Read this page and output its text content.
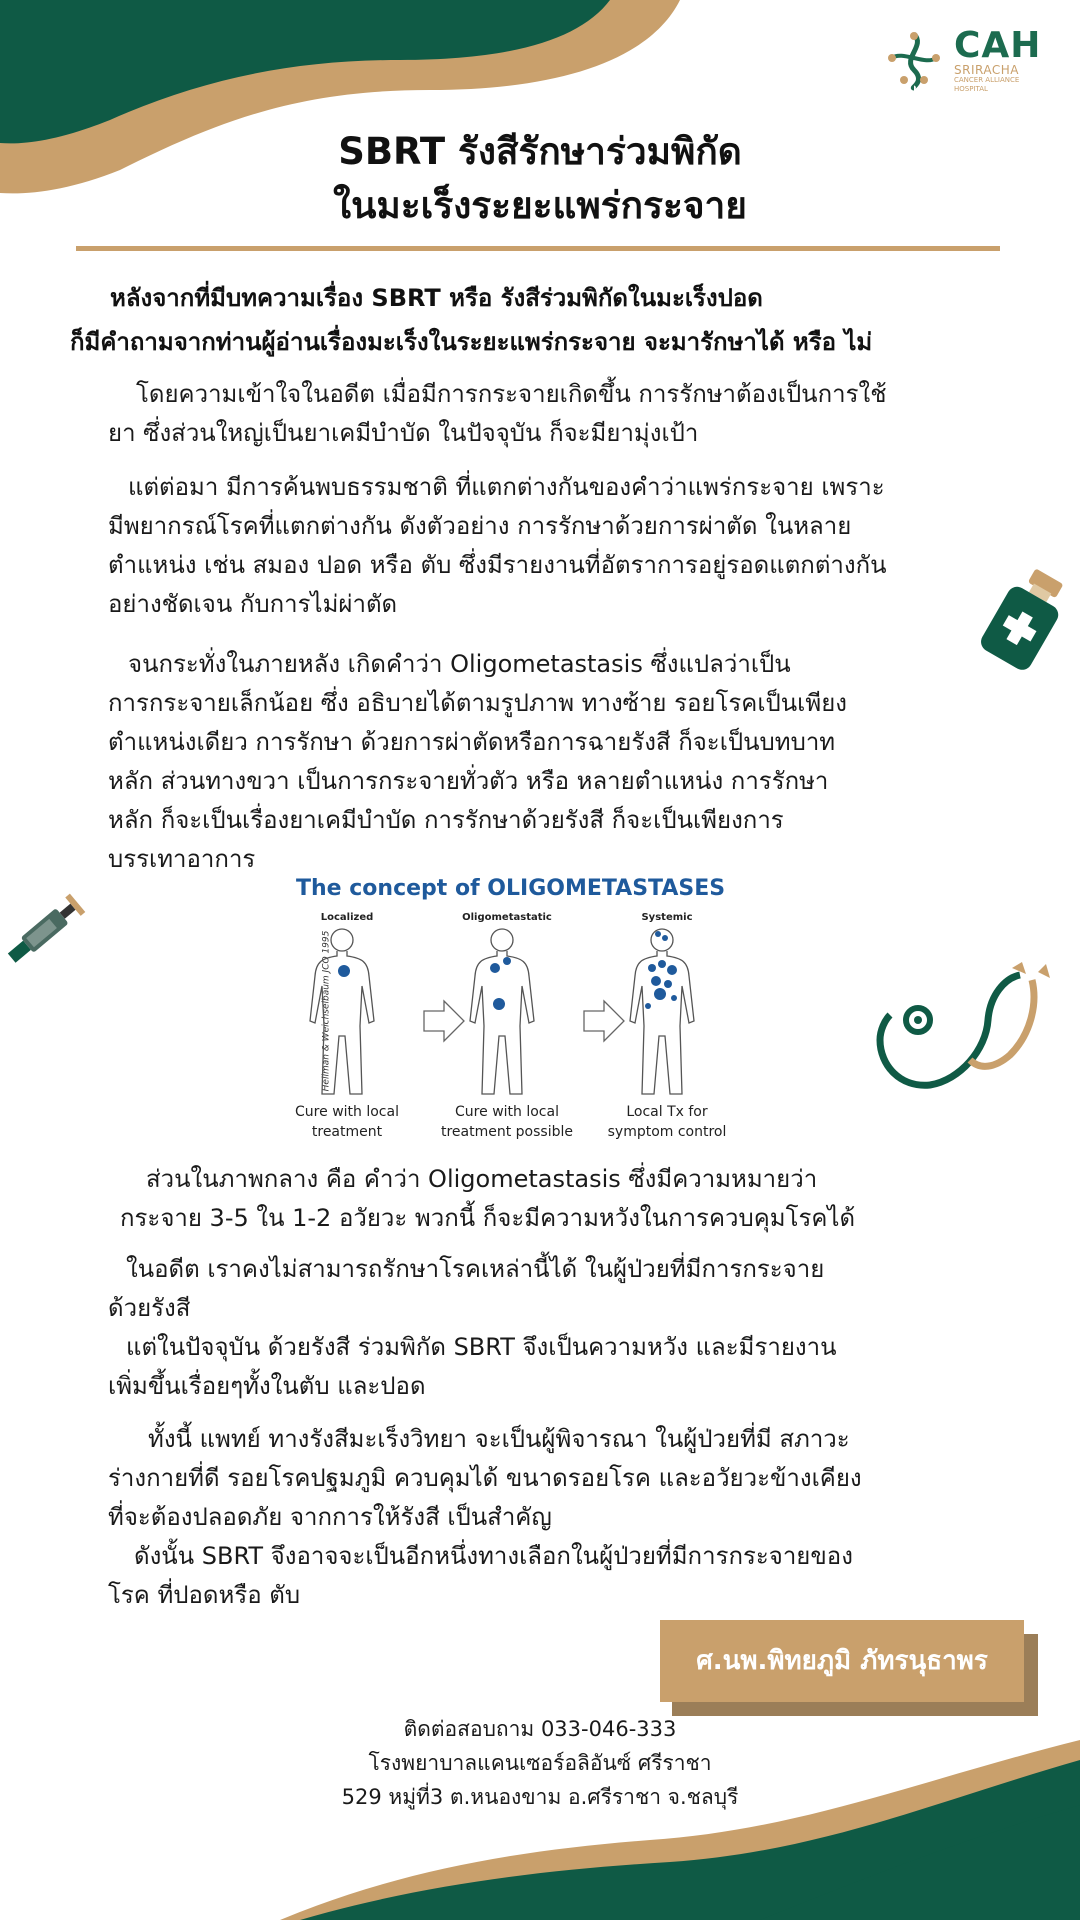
CAH
SRIRACHA
CANCER ALLIANCE
HOSPITAL
SBRT รังสีรักษาร่วมพิกัด
ในมะเร็งระยะแพร่กระจาย

หลังจากที่มีบทความเรื่อง SBRT หรือ รังสีร่วมพิกัดในมะเร็งปอด

ก็มีคำถามจากท่านผู้อ่านเรื่องมะเร็งในระยะแพร่กระจาย จะมารักษาได้ หรือ ไม่

โดยความเข้าใจในอดีต เมื่อมีการกระจายเกิดขึ้น การรักษาต้องเป็นการใช้

ยา ซึ่งส่วนใหญ่เป็นยาเคมีบำบัด ในปัจจุบัน ก็จะมียามุ่งเป้า

แต่ต่อมา มีการค้นพบธรรมชาติ ที่แตกต่างกันของคำว่าแพร่กระจาย เพราะ

มีพยากรณ์โรคที่แตกต่างกัน ดังตัวอย่าง การรักษาด้วยการผ่าตัด ในหลาย

ตำแหน่ง เช่น สมอง ปอด หรือ ตับ ซึ่งมีรายงานที่อัตราการอยู่รอดแตกต่างกัน

อย่างชัดเจน กับการไม่ผ่าตัด

จนกระทั่งในภายหลัง เกิดคำว่า Oligometastasis ซึ่งแปลว่าเป็น

การกระจายเล็กน้อย ซึ่ง อธิบายได้ตามรูปภาพ ทางซ้าย รอยโรคเป็นเพียง

ตำแหน่งเดียว การรักษา ด้วยการผ่าตัดหรือการฉายรังสี ก็จะเป็นบทบาท

หลัก ส่วนทางขวา เป็นการกระจายทั่วตัว หรือ หลายตำแหน่ง การรักษา

หลัก ก็จะเป็นเรื่องยาเคมีบำบัด การรักษาด้วยรังสี ก็จะเป็นเพียงการ

บรรเทาอาการ

The concept of OLIGOMETASTASES
Localized	Oligometastatic	Systemic
Hellman & Weichselbaum JCO 1995
Cure with local treatment
Cure with local treatment possible
Local Tx for symptom control

ส่วนในภาพกลาง คือ คำว่า Oligometastasis ซึ่งมีความหมายว่า

กระจาย 3-5 ใน 1-2 อวัยวะ พวกนี้ ก็จะมีความหวังในการควบคุมโรคได้

ในอดีต เราคงไม่สามารถรักษาโรคเหล่านี้ได้ ในผู้ป่วยที่มีการกระจาย

ด้วยรังสี

แต่ในปัจจุบัน ด้วยรังสี ร่วมพิกัด SBRT จึงเป็นความหวัง และมีรายงาน

เพิ่มขึ้นเรื่อยๆทั้งในตับ และปอด

ทั้งนี้ แพทย์ ทางรังสีมะเร็งวิทยา จะเป็นผู้พิจารณา ในผู้ป่วยที่มี สภาวะ

ร่างกายที่ดี รอยโรคปฐมภูมิ ควบคุมได้ ขนาดรอยโรค และอวัยวะข้างเคียง

ที่จะต้องปลอดภัย จากการให้รังสี เป็นสำคัญ

ดังนั้น SBRT จึงอาจจะเป็นอีกหนึ่งทางเลือกในผู้ป่วยที่มีการกระจายของ

โรค ที่ปอดหรือ ตับ

ศ.นพ.พิทยภูมิ ภัทรนุธาพร
ติดต่อสอบถาม 033-046-333
โรงพยาบาลแคนเซอร์อลิอันซ์ ศรีราชา
529 หมู่ที่3 ต.หนองขาม อ.ศรีราชา จ.ชลบุรี
